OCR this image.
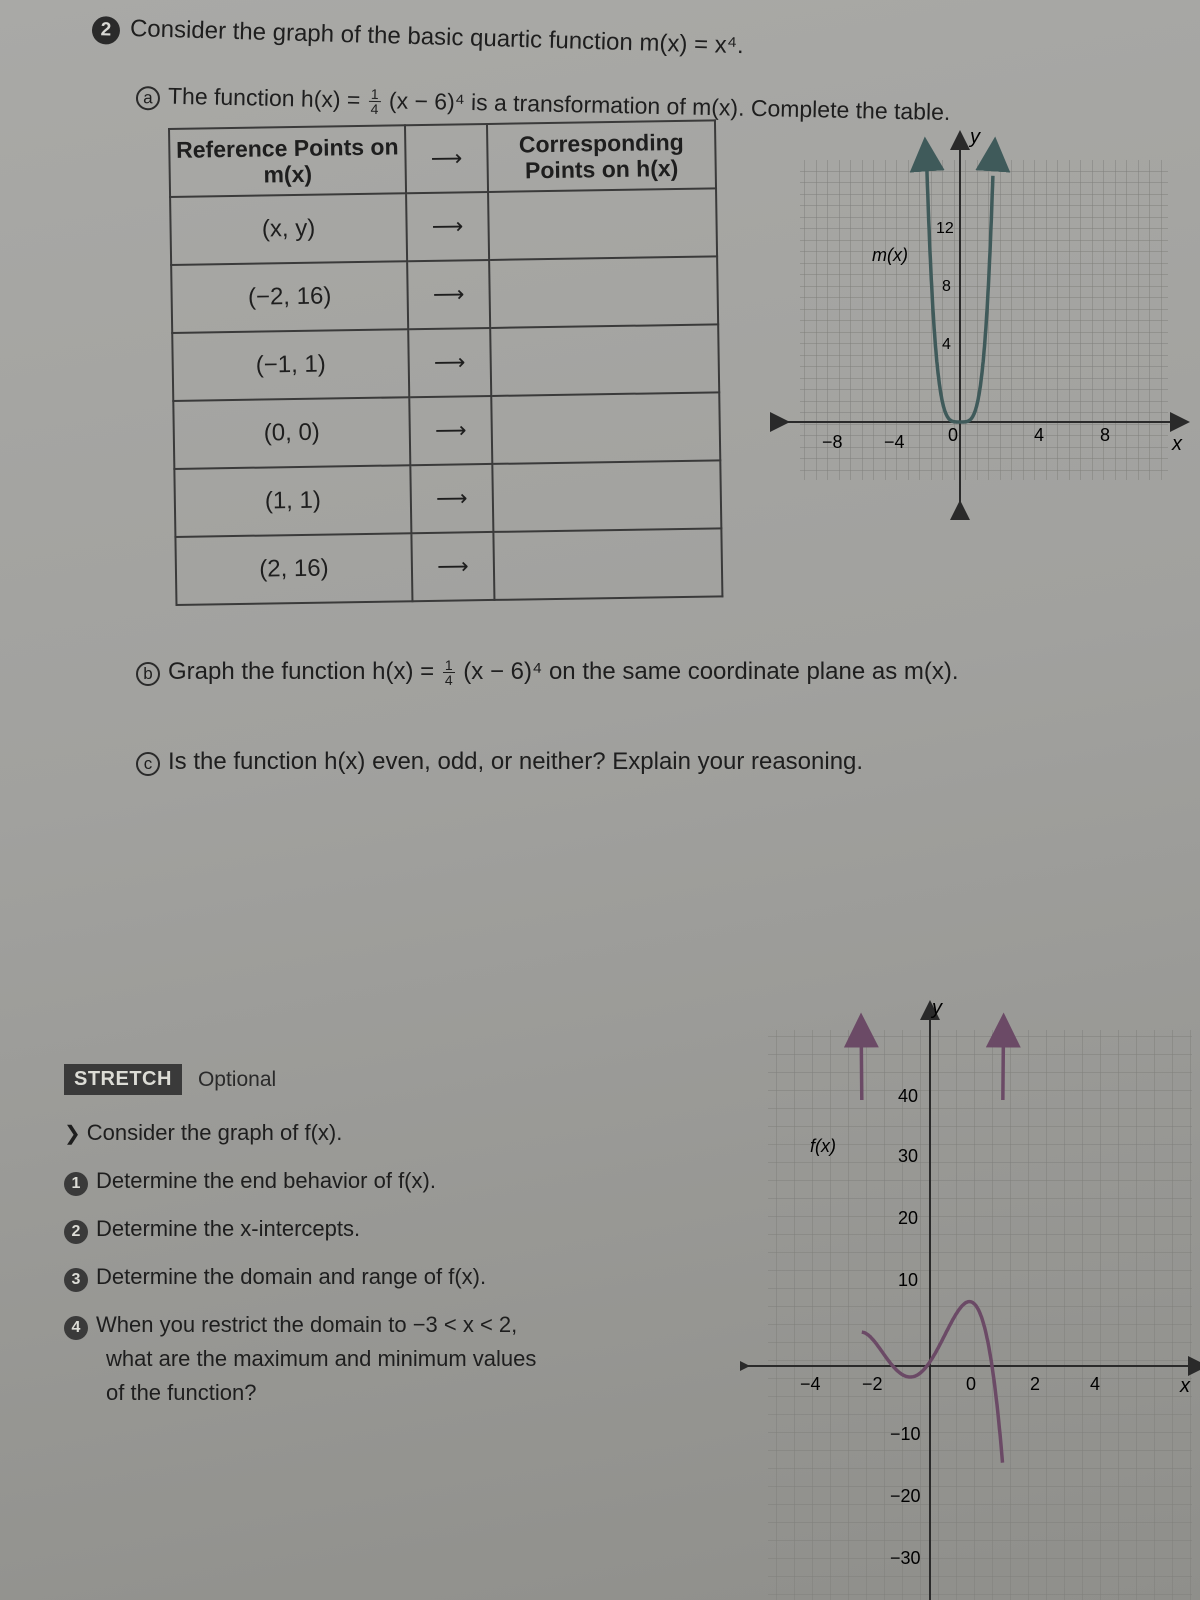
2 Consider the graph of the basic quartic function m(x) = x⁴.
a The function $h(x) = \frac{1}{4} (x - 6)^4$ is a transformation of m(x). Complete the table.
Reference Points on m(x)	⟶	Corresponding Points on h(x)
(x, y)	⟶	
(−2, 16)	⟶	
(−1, 1)	⟶	
(0, 0)	⟶	
(1, 1)	⟶	
(2, 16)	⟶	
y
x
−8 −4 0	4	8
12
8
4
m(x)
b Graph the function $h(x) = \frac{1}{4} (x - 6)^4$ on the same coordinate plane as m(x).
c Is the function h(x) even, odd, or neither? Explain your reasoning.
STRETCH	Optional
❯ Consider the graph of f(x).
1 Determine the end behavior of f(x).
2 Determine the x-intercepts.
3 Determine the domain and range of f(x).
4 When you restrict the domain to −3 < x < 2,
what are the maximum and minimum values
of the function?
y
x
−4 −2	0	2	4
40
30
20
10
−10
−20
−30
f(x)
